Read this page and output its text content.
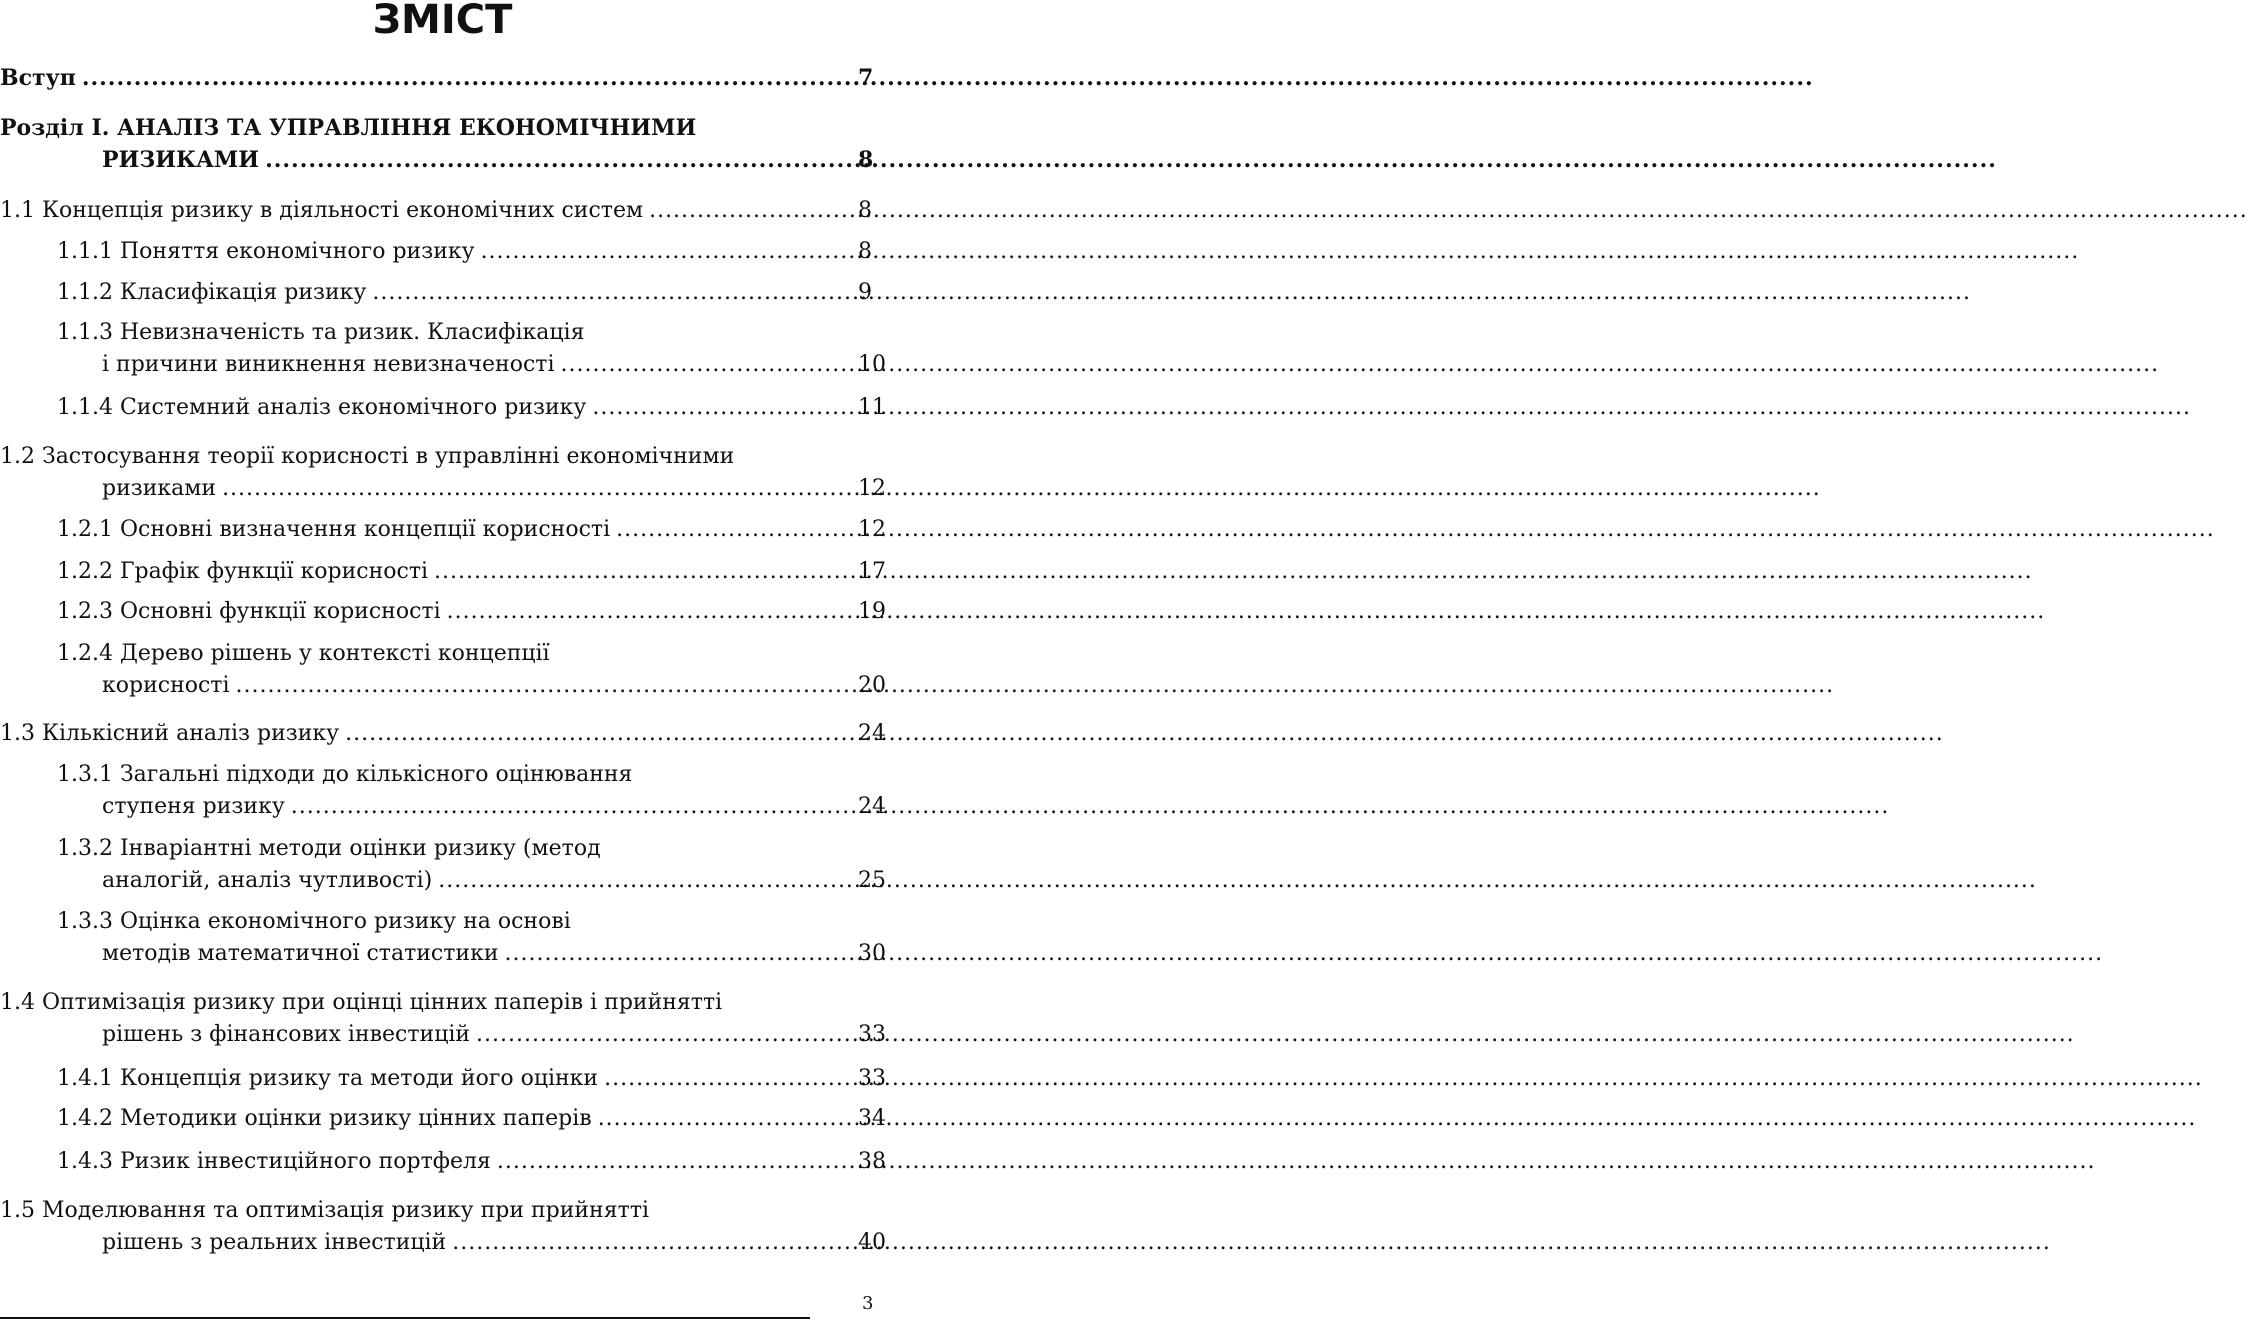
ЗМІСТ
Вступ .....	7
Розділ І. АНАЛІЗ ТА УПРАВЛІННЯ ЕКОНОМІЧНИМИ
РИЗИКАМИ .....	8
1.1 Концепція ризику в діяльності економічних систем .....	8
1.1.1 Поняття економічного ризику .....	8
1.1.2 Класифікація ризику .....	9
1.1.3 Невизначеність та ризик. Класифікація
і причини виникнення невизначеності .....	10
1.1.4 Системний аналіз економічного ризику .....	11
1.2 Застосування теорії корисності в управлінні економічними
ризиками .....	12
1.2.1 Основні визначення концепції корисності .....	12
1.2.2 Графік функції корисності .....	17
1.2.3 Основні функції корисності .....	19
1.2.4 Дерево рішень у контексті концепції
корисності .....	20
1.3 Кількісний аналіз ризику .....	24
1.3.1 Загальні підходи до кількісного оцінювання
ступеня ризику .....	24
1.3.2 Інваріантні методи оцінки ризику (метод
аналогій, аналіз чутливості) .....	25
1.3.3 Оцінка економічного ризику на основі
методів математичної статистики .....	30
1.4 Оптимізація ризику при оцінці цінних паперів і прийнятті
рішень з фінансових інвестицій .....	33
1.4.1 Концепція ризику та методи його оцінки .....	33
1.4.2 Методики оцінки ризику цінних паперів .....	34
1.4.3 Ризик інвестиційного портфеля .....	38
1.5 Моделювання та оптимізація ризику при прийнятті
рішень з реальних інвестицій .....	40
3
